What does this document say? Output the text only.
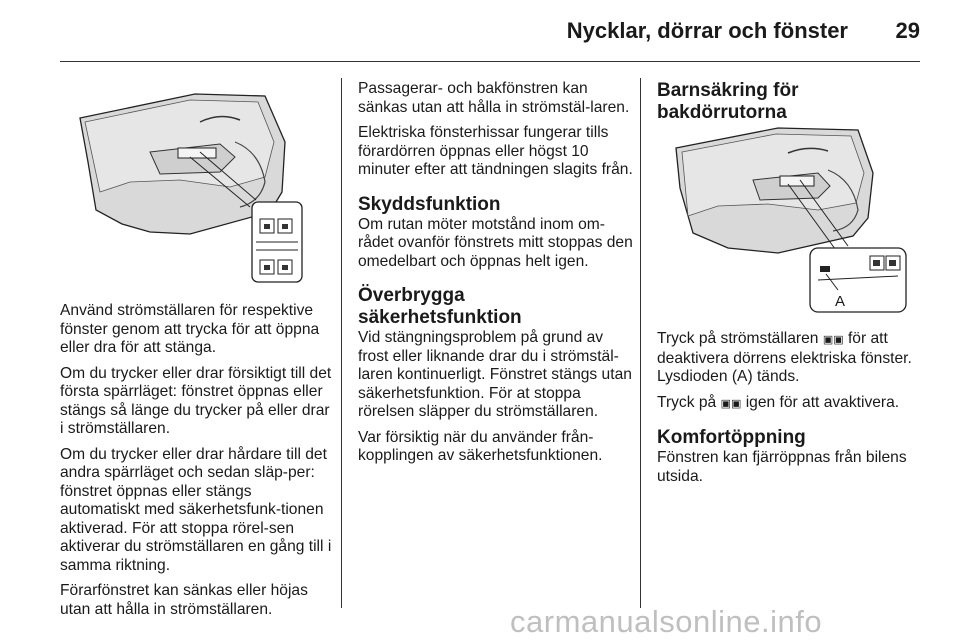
Nycklar, dörrar och fönster 29

Använd strömställaren för respektive fönster genom att trycka för att öppna eller dra för att stänga.

Om du trycker eller drar försiktigt till det första spärrläget: fönstret öppnas eller stängs så länge du trycker på eller drar i strömställaren.

Om du trycker eller drar hårdare till det andra spärrläget och sedan släp-per: fönstret öppnas eller stängs automatiskt med säkerhetsfunk-tionen aktiverad. För att stoppa rörel-sen aktiverar du strömställaren en gång till i samma riktning.

Förarfönstret kan sänkas eller höjas utan att hålla in strömställaren.

Passagerar- och bakfönstren kan sänkas utan att hålla in strömstäl-laren.

Elektriska fönsterhissar fungerar tills förardörren öppnas eller högst 10 minuter efter att tändningen slagits från.

Skyddsfunktion

Om rutan möter motstånd inom om-rådet ovanför fönstrets mitt stoppas den omedelbart och öppnas helt igen.

Överbrygga säkerhetsfunktion

Vid stängningsproblem på grund av frost eller liknande drar du i strömstäl-laren kontinuerligt. Fönstret stängs utan säkerhetsfunktion. För at stoppa rörelsen släpper du strömställaren.

Var försiktig när du använder från-kopplingen av säkerhetsfunktionen.

Barnsäkring för bakdörrutorna
A

Tryck på strömställaren ▣▣ för att deaktivera dörrens elektriska fönster. Lysdioden (A) tänds.

Tryck på ▣▣ igen för att avaktivera.

Komfortöppning

Fönstren kan fjärröppnas från bilens utsida.

carmanualsonline.info
